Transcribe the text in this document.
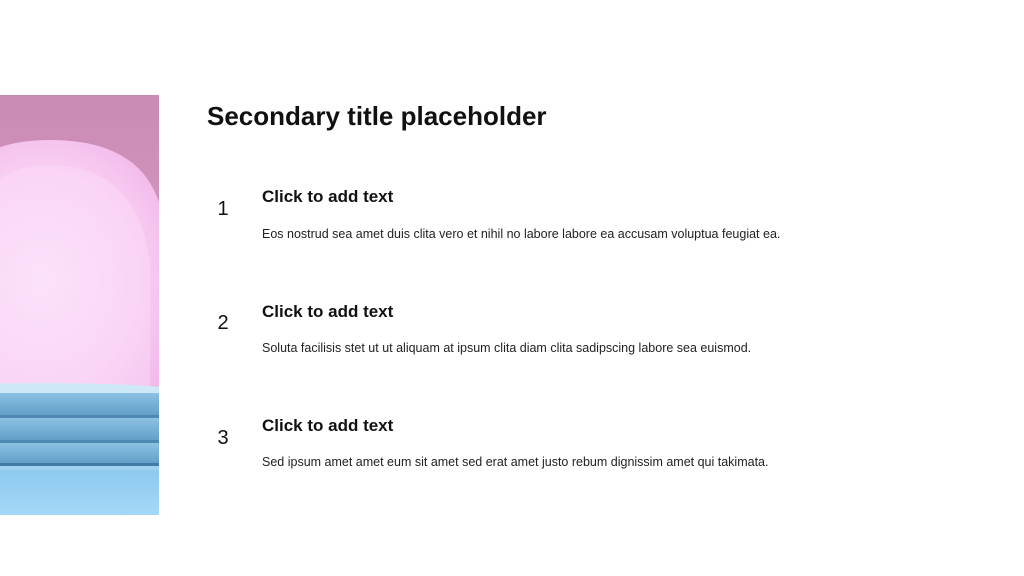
Secondary title placeholder
1
Click to add text
Eos nostrud sea amet duis clita vero et nihil no labore labore ea accusam voluptua feugiat ea.
2
Click to add text
Soluta facilisis stet ut ut aliquam at ipsum clita diam clita sadipscing labore sea euismod.
3
Click to add text
Sed ipsum amet amet eum sit amet sed erat amet justo rebum dignissim amet qui takimata.
